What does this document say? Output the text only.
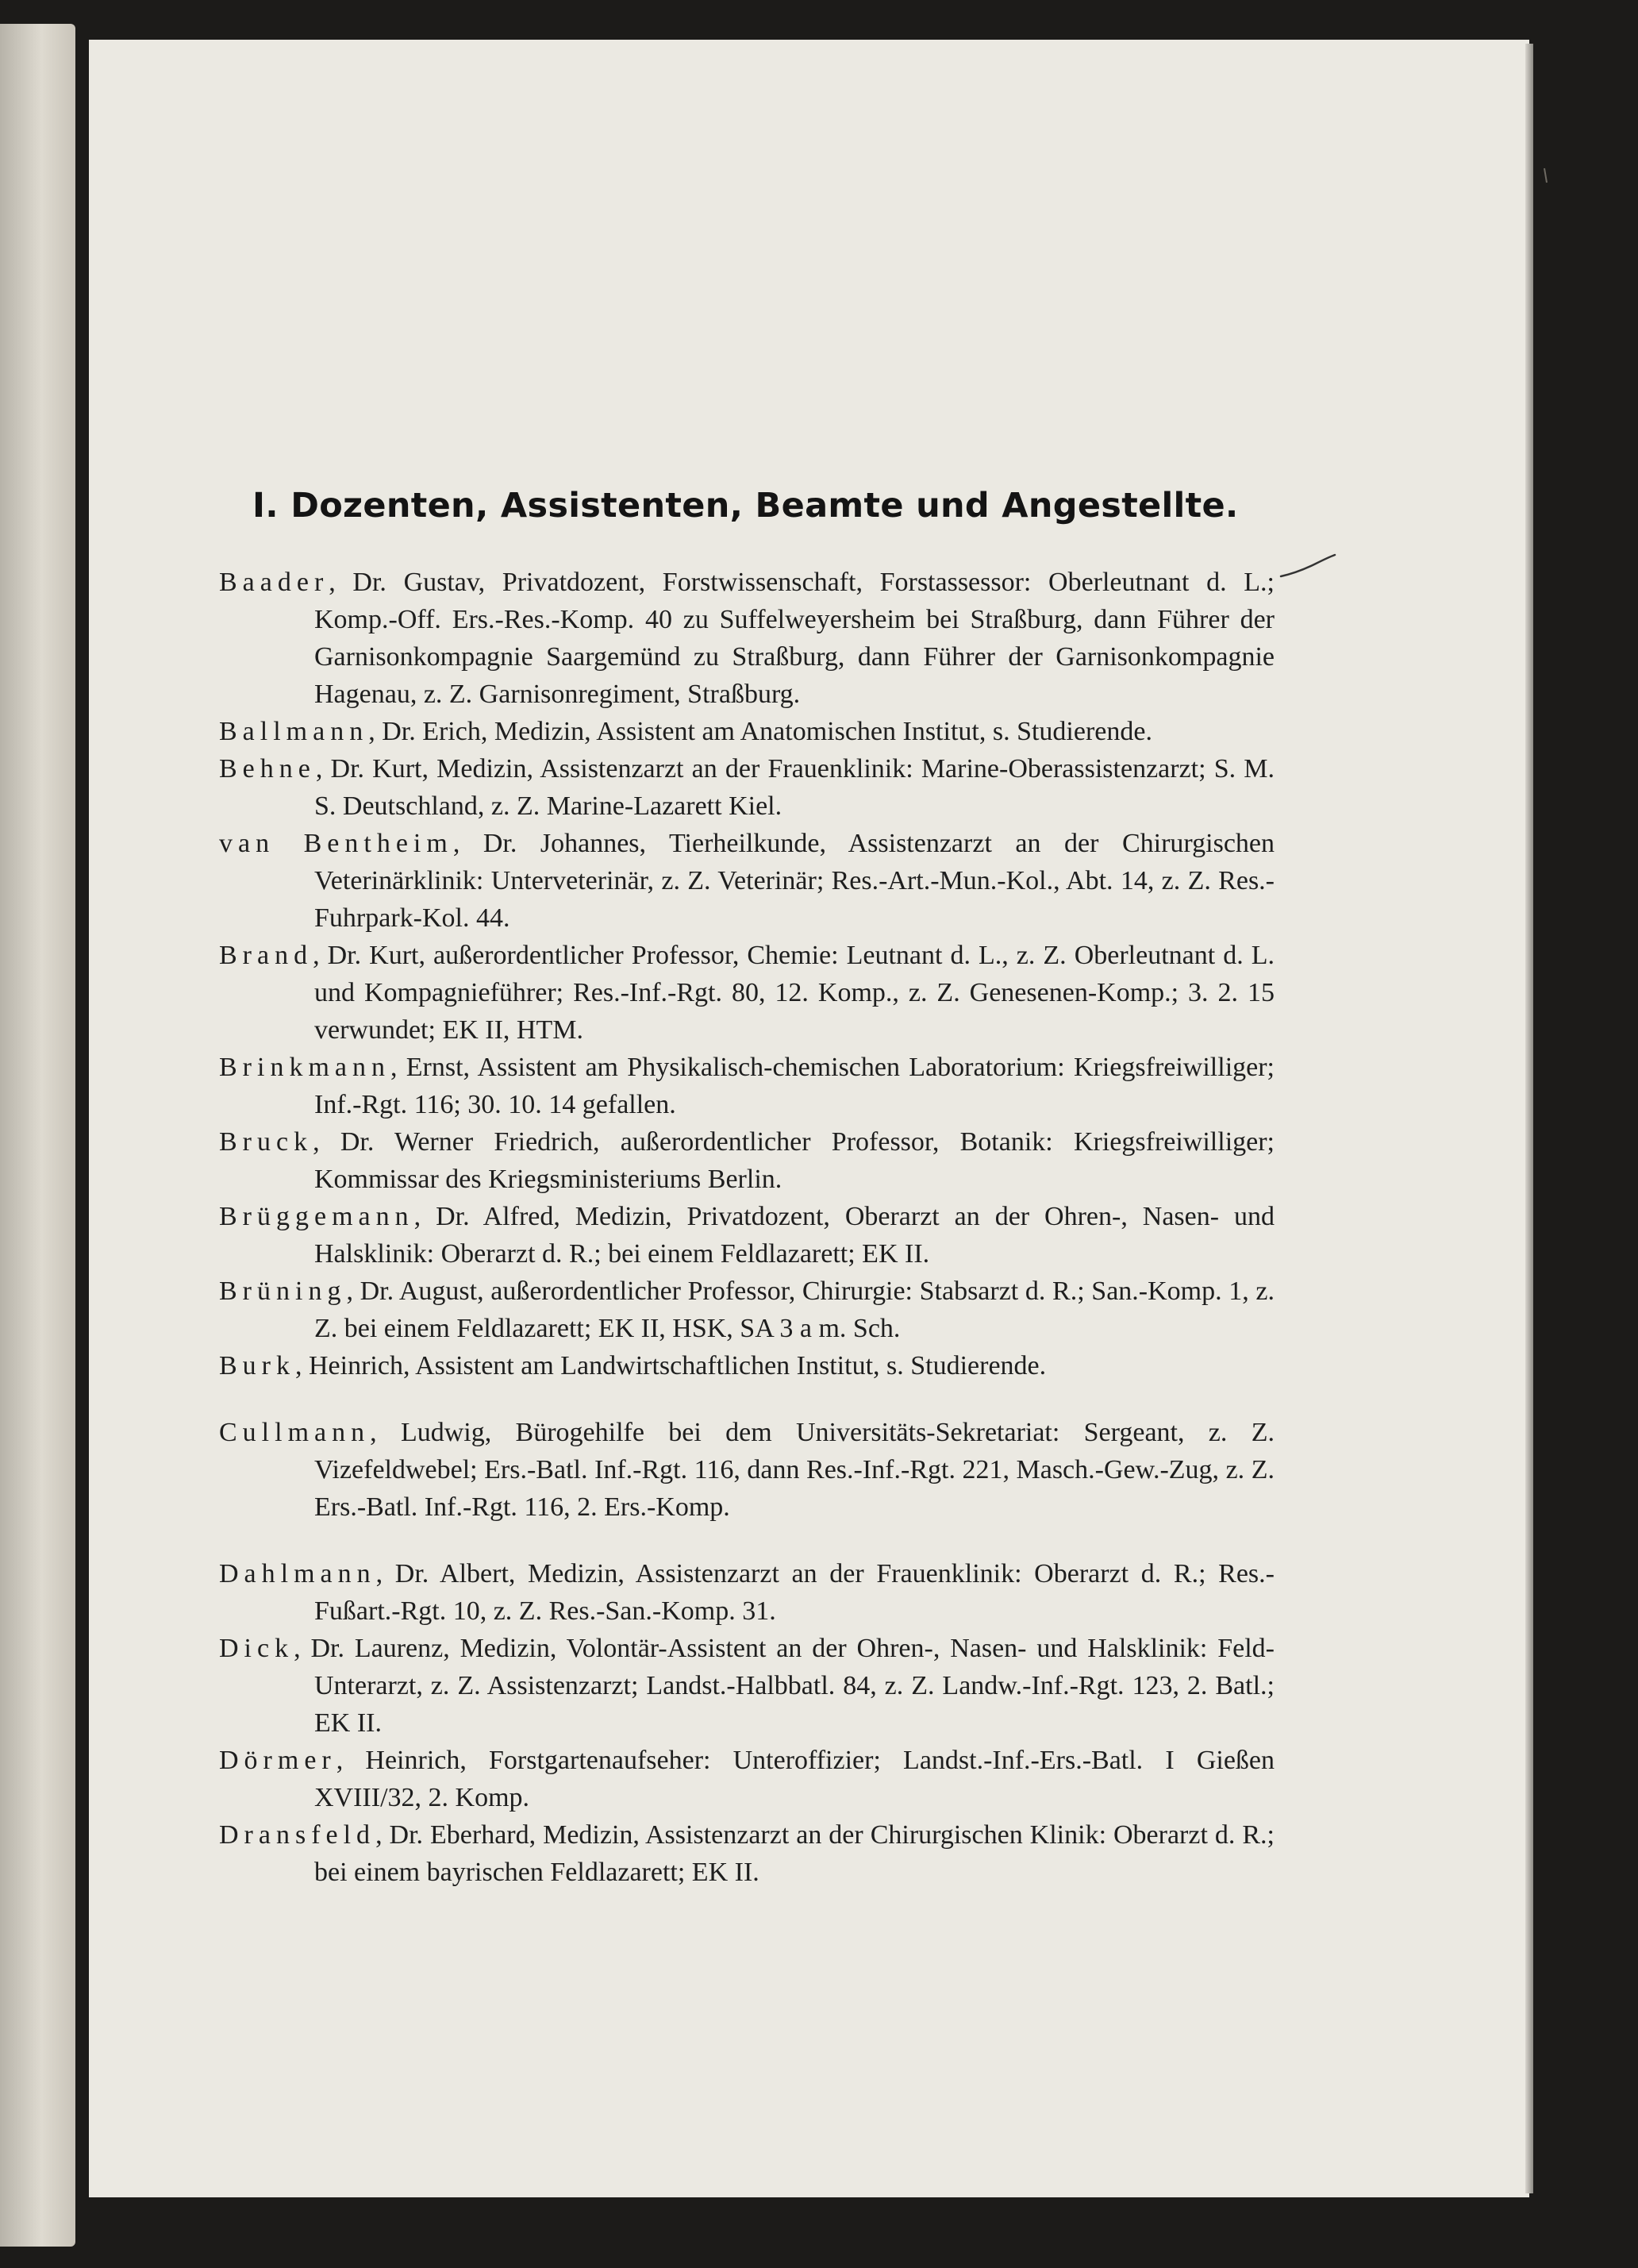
I. Dozenten, Assistenten, Beamte und Angestellte.

Baader, Dr. Gustav, Privatdozent, Forstwissenschaft, Forstassessor: Oberleutnant d. L.; Komp.-Off. Ers.-Res.-Komp. 40 zu Suffelweyersheim bei Straßburg, dann Führer der Garnisonkompagnie Saargemünd zu Straßburg, dann Führer der Garnisonkompagnie Hagenau, z. Z. Garnisonregiment, Straßburg.

Ballmann, Dr. Erich, Medizin, Assistent am Anatomischen Institut, s. Studierende.

Behne, Dr. Kurt, Medizin, Assistenzarzt an der Frauenklinik: Marine-Oberassistenzarzt; S. M. S. Deutschland, z. Z. Marine-Lazarett Kiel.

van Bentheim, Dr. Johannes, Tierheilkunde, Assistenzarzt an der Chirurgischen Veterinärklinik: Unterveterinär, z. Z. Veterinär; Res.-Art.-Mun.-Kol., Abt. 14, z. Z. Res.-Fuhrpark-Kol. 44.

Brand, Dr. Kurt, außerordentlicher Professor, Chemie: Leutnant d. L., z. Z. Oberleutnant d. L. und Kompagnieführer; Res.-Inf.-Rgt. 80, 12. Komp., z. Z. Genesenen-Komp.; 3. 2. 15 verwundet; EK II, HTM.

Brinkmann, Ernst, Assistent am Physikalisch-chemischen Laboratorium: Kriegsfreiwilliger; Inf.-Rgt. 116; 30. 10. 14 gefallen.

Bruck, Dr. Werner Friedrich, außerordentlicher Professor, Botanik: Kriegsfreiwilliger; Kommissar des Kriegsministeriums Berlin.

Brüggemann, Dr. Alfred, Medizin, Privatdozent, Oberarzt an der Ohren-, Nasen- und Halsklinik: Oberarzt d. R.; bei einem Feldlazarett; EK II.

Brüning, Dr. August, außerordentlicher Professor, Chirurgie: Stabsarzt d. R.; San.-Komp. 1, z. Z. bei einem Feldlazarett; EK II, HSK, SA 3 a m. Sch.

Burk, Heinrich, Assistent am Landwirtschaftlichen Institut, s. Studierende.

Cullmann, Ludwig, Bürogehilfe bei dem Universitäts-Sekretariat: Sergeant, z. Z. Vizefeldwebel; Ers.-Batl. Inf.-Rgt. 116, dann Res.-Inf.-Rgt. 221, Masch.-Gew.-Zug, z. Z. Ers.-Batl. Inf.-Rgt. 116, 2. Ers.-Komp.

Dahlmann, Dr. Albert, Medizin, Assistenzarzt an der Frauenklinik: Oberarzt d. R.; Res.-Fußart.-Rgt. 10, z. Z. Res.-San.-Komp. 31.

Dick, Dr. Laurenz, Medizin, Volontär-Assistent an der Ohren-, Nasen- und Halsklinik: Feld-Unterarzt, z. Z. Assistenzarzt; Landst.-Halbbatl. 84, z. Z. Landw.-Inf.-Rgt. 123, 2. Batl.; EK II.

Dörmer, Heinrich, Forstgartenaufseher: Unteroffizier; Landst.-Inf.-Ers.-Batl. I Gießen XVIII/32, 2. Komp.

Dransfeld, Dr. Eberhard, Medizin, Assistenzarzt an der Chirurgischen Klinik: Oberarzt d. R.; bei einem bayrischen Feldlazarett; EK II.
